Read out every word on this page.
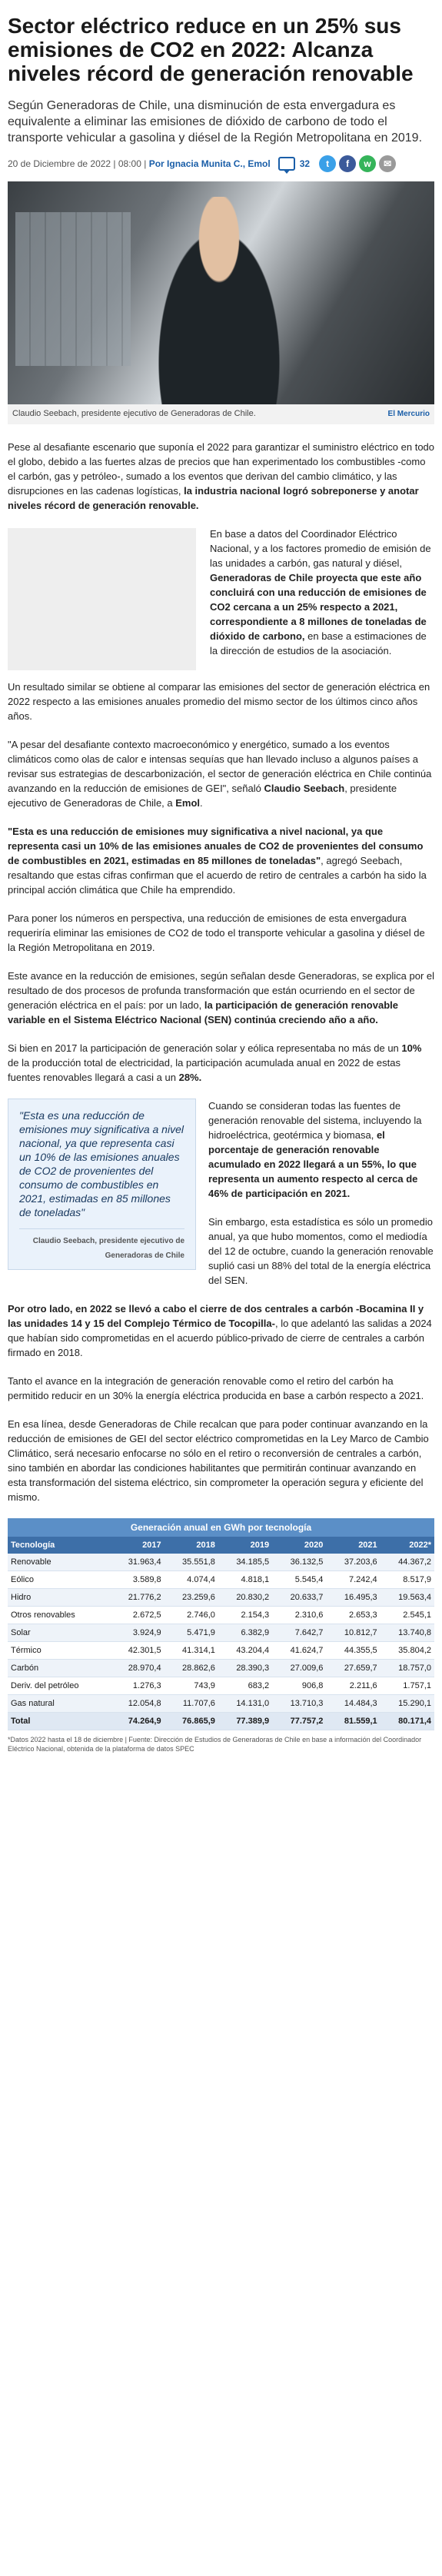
Sector eléctrico reduce en un 25% sus emisiones de CO2 en 2022: Alcanza niveles récord de generación renovable

Según Generadoras de Chile, una disminución de esta envergadura es equivalente a eliminar las emisiones de dióxido de carbono de todo el transporte vehicular a gasolina y diésel de la Región Metropolitana en 2019.

20 de Diciembre de 2022 | 08:00 |
Por Ignacia Munita C., Emol	32	t	f	w	✉
Claudio Seebach, presidente ejecutivo de Generadoras de Chile.	El Mercurio

Pese al desafiante escenario que suponía el 2022 para garantizar el suministro eléctrico en todo el globo, debido a las fuertes alzas de precios que han experimentado los combustibles -como el carbón, gas y petróleo-, sumado a los eventos que derivan del cambio climático, y las disrupciones en las cadenas logísticas, la industria nacional logró sobreponerse y anotar niveles récord de generación renovable.

En base a datos del Coordinador Eléctrico Nacional, y a los factores promedio de emisión de las unidades a carbón, gas natural y diésel, Generadoras de Chile proyecta que este año concluirá con una reducción de emisiones de CO2 cercana a un 25% respecto a 2021, correspondiente a 8 millones de toneladas de dióxido de carbono, en base a estimaciones de la dirección de estudios de la asociación.

Un resultado similar se obtiene al comparar las emisiones del sector de generación eléctrica en 2022 respecto a las emisiones anuales promedio del mismo sector de los últimos cinco años años.

"A pesar del desafiante contexto macroeconómico y energético, sumado a los eventos climáticos como olas de calor e intensas sequías que han llevado incluso a algunos países a revisar sus estrategias de descarbonización, el sector de generación eléctrica en Chile continúa avanzando en la reducción de emisiones de GEI", señaló Claudio Seebach, presidente ejecutivo de Generadoras de Chile, a Emol.

"Esta es una reducción de emisiones muy significativa a nivel nacional, ya que representa casi un 10% de las emisiones anuales de CO2 de provenientes del consumo de combustibles en 2021, estimadas en 85 millones de toneladas", agregó Seebach, resaltando que estas cifras confirman que el acuerdo de retiro de centrales a carbón ha sido la principal acción climática que Chile ha emprendido.

Para poner los números en perspectiva, una reducción de emisiones de esta envergadura requeriría eliminar las emisiones de CO2 de todo el transporte vehicular a gasolina y diésel de la Región Metropolitana en 2019.

Este avance en la reducción de emisiones, según señalan desde Generadoras, se explica por el resultado de dos procesos de profunda transformación que están ocurriendo en el sector de generación eléctrica en el país: por un lado, la participación de generación renovable variable en el Sistema Eléctrico Nacional (SEN) continúa creciendo año a año.

Si bien en 2017 la participación de generación solar y eólica representaba no más de un 10% de la producción total de electricidad, la participación acumulada anual en 2022 de estas fuentes renovables llegará a casi a un 28%.

"Esta es una reducción de emisiones muy significativa a nivel nacional, ya que representa casi un 10% de las emisiones anuales de CO2 de provenientes del consumo de combustibles en 2021, estimadas en 85 millones de toneladas"
Claudio Seebach, presidente ejecutivo de Generadoras de Chile

Cuando se consideran todas las fuentes de generación renovable del sistema, incluyendo la hidroeléctrica, geotérmica y biomasa, el porcentaje de generación renovable acumulado en 2022 llegará a un 55%, lo que representa un aumento respecto al cerca de 46% de participación en 2021.

Sin embargo, esta estadística es sólo un promedio anual, ya que hubo momentos, como el mediodía del 12 de octubre, cuando la generación renovable suplió casi un 88% del total de la energía eléctrica del SEN.

Por otro lado, en 2022 se llevó a cabo el cierre de dos centrales a carbón -Bocamina II y las unidades 14 y 15 del Complejo Térmico de Tocopilla-, lo que adelantó las salidas a 2024 que habían sido comprometidas en el acuerdo público-privado de cierre de centrales a carbón firmado en 2018.

Tanto el avance en la integración de generación renovable como el retiro del carbón ha permitido reducir en un 30% la energía eléctrica producida en base a carbón respecto a 2021.

En esa línea, desde Generadoras de Chile recalcan que para poder continuar avanzando en la reducción de emisiones de GEI del sector eléctrico comprometidas en la Ley Marco de Cambio Climático, será necesario enfocarse no sólo en el retiro o reconversión de centrales a carbón, sino también en abordar las condiciones habilitantes que permitirán continuar avanzando en esta transformación del sistema eléctrico, sin comprometer la operación segura y eficiente del mismo.

Generación anual en GWh por tecnología
Tecnología	2017	2018	2019	2020	2021	2022*
Renovable	31.963,4	35.551,8	34.185,5	36.132,5	37.203,6	44.367,2
Eólico	3.589,8	4.074,4	4.818,1	5.545,4	7.242,4	8.517,9
Hidro	21.776,2	23.259,6	20.830,2	20.633,7	16.495,3	19.563,4
Otros renovables	2.672,5	2.746,0	2.154,3	2.310,6	2.653,3	2.545,1
Solar	3.924,9	5.471,9	6.382,9	7.642,7	10.812,7	13.740,8
Térmico	42.301,5	41.314,1	43.204,4	41.624,7	44.355,5	35.804,2
Carbón	28.970,4	28.862,6	28.390,3	27.009,6	27.659,7	18.757,0
Deriv. del petróleo	1.276,3	743,9	683,2	906,8	2.211,6	1.757,1
Gas natural	12.054,8	11.707,6	14.131,0	13.710,3	14.484,3	15.290,1
Total	74.264,9	76.865,9	77.389,9	77.757,2	81.559,1	80.171,4
*Datos 2022 hasta el 18 de diciembre | Fuente: Dirección de Estudios de Generadoras de Chile en base a información del Coordinador Eléctrico Nacional, obtenida de la plataforma de datos SPEC
